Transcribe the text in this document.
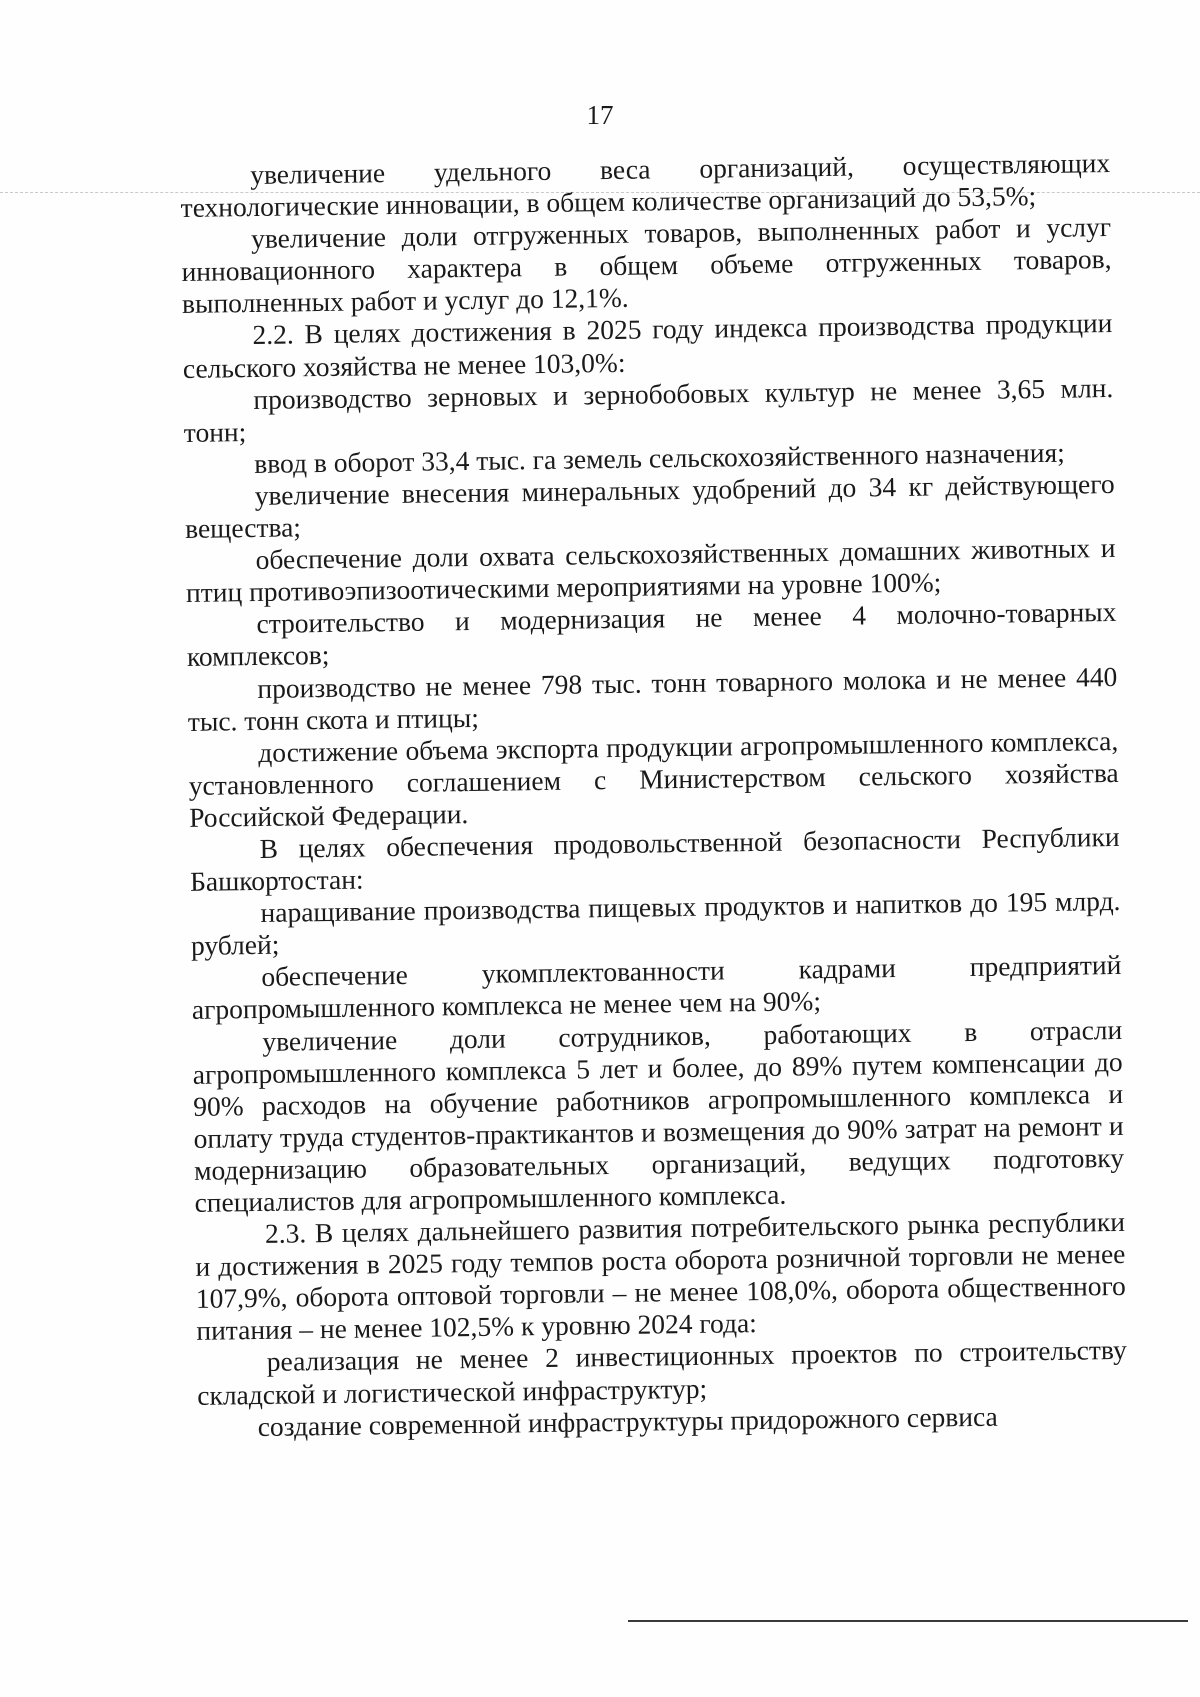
17

увеличение удельного веса организаций, осуществляющих технологические инновации, в общем количестве организаций до 53,5%;

увеличение доли отгруженных товаров, выполненных работ и услуг инновационного характера в общем объеме отгруженных товаров, выполненных работ и услуг до 12,1%.

2.2. В целях достижения в 2025 году индекса производства продукции сельского хозяйства не менее 103,0%:

производство зерновых и зернобобовых культур не менее 3,65 млн. тонн;

ввод в оборот 33,4 тыс. га земель сельскохозяйственного назначения;

увеличение внесения минеральных удобрений до 34 кг действующего вещества;

обеспечение доли охвата сельскохозяйственных домашних животных и птиц противоэпизоотическими мероприятиями на уровне 100%;

строительство и модернизация не менее 4 молочно-товарных комплексов;

производство не менее 798 тыс. тонн товарного молока и не менее 440 тыс. тонн скота и птицы;

достижение объема экспорта продукции агропромышленного комплекса, установленного соглашением с Министерством сельского хозяйства Российской Федерации.

В целях обеспечения продовольственной безопасности Республики Башкортостан:

наращивание производства пищевых продуктов и напитков до 195 млрд. рублей;

обеспечение укомплектованности кадрами предприятий агропромышленного комплекса не менее чем на 90%;

увеличение доли сотрудников, работающих в отрасли агропромышленного комплекса 5 лет и более, до 89% путем компенсации до 90% расходов на обучение работников агропромышленного комплекса и оплату труда студентов-практикантов и возмещения до 90% затрат на ремонт и модернизацию образовательных организаций, ведущих подготовку специалистов для агропромышленного комплекса.

2.3. В целях дальнейшего развития потребительского рынка республики и достижения в 2025 году темпов роста оборота розничной торговли не менее 107,9%, оборота оптовой торговли – не менее 108,0%, оборота общественного питания – не менее 102,5% к уровню 2024 года:

реализация не менее 2 инвестиционных проектов по строительству складской и логистической инфраструктур;

создание современной инфраструктуры придорожного сервиса
